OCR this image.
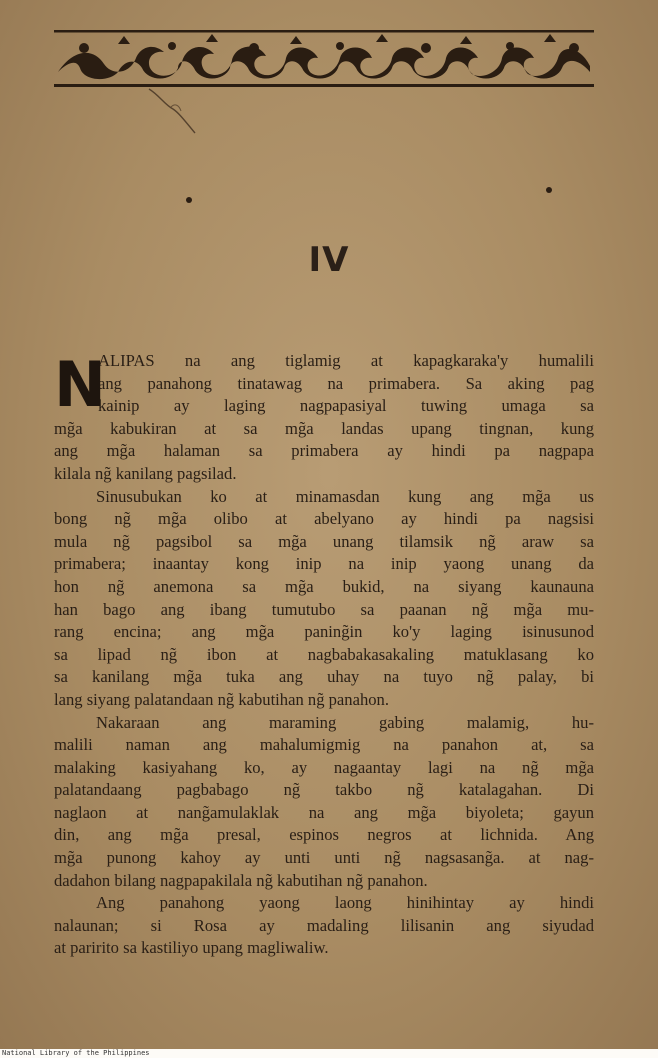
IV
N
ALIPAS na ang tiglamig at kapagkaraka'y humalili
ang panahong tinatawag na primabera. Sa aking pag
kainip ay laging nagpapasiyal tuwing umaga sa
mg̃a kabukiran at sa mg̃a landas upang tingnan, kung
ang mg̃a halaman sa primabera ay hindi pa nagpapa
kilala ng̃ kanilang pagsilad.
Sinusubukan ko at minamasdan kung ang mg̃a us
bong ng̃ mg̃a olibo at abelyano ay hindi pa nagsisi
mula ng̃ pagsibol sa mg̃a unang tilamsik ng̃ araw sa
primabera; inaantay kong inip na inip yaong unang da
hon ng̃ anemona sa mg̃a bukid, na siyang kaunauna
han bago ang ibang tumutubo sa paanan ng̃ mg̃a mu-
rang encina; ang mg̃a paning̃in ko'y laging isinusunod
sa lipad ng̃ ibon at nagbabakasakaling matuklasang ko
sa kanilang mg̃a tuka ang uhay na tuyo ng̃ palay, bi
lang siyang palatandaan ng̃ kabutihan ng̃ panahon.
Nakaraan ang maraming gabing malamig, hu-
malili naman ang mahalumigmig na panahon at, sa
malaking kasiyahang ko, ay nagaantay lagi na ng̃ mg̃a
palatandaang pagbabago ng̃ takbo ng̃ katalagahan. Di
naglaon at nang̃amulaklak na ang mg̃a biyoleta; gayun
din, ang mg̃a presal, espinos negros at lichnida. Ang
mg̃a punong kahoy ay unti unti ng̃ nagsasang̃a. at nag-
dadahon bilang nagpapakilala ng̃ kabutihan ng̃ panahon.
Ang panahong yaong laong hinihintay ay hindi
nalaunan; si Rosa ay madaling lilisanin ang siyudad
at paririto sa kastiliyo upang magliwaliw.
National Library of the Philippines
